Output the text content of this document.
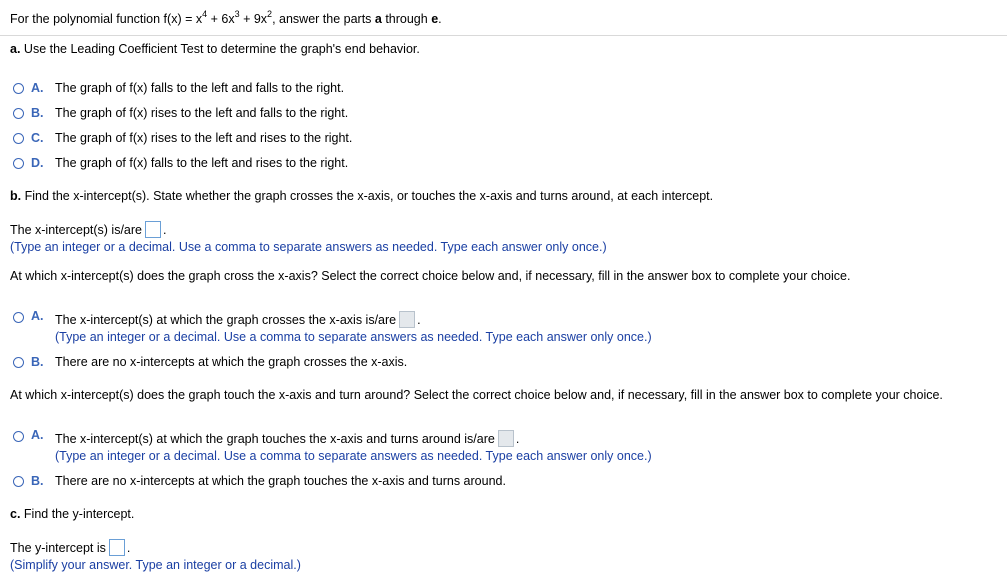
For the polynomial function $f(x) = x^4 + 6x^3 + 9x^2$, answer the parts a through e.
a. Use the Leading Coefficient Test to determine the graph's end behavior.
A. The graph of f(x) falls to the left and falls to the right.
B. The graph of f(x) rises to the left and falls to the right.
C. The graph of f(x) rises to the left and rises to the right.
D. The graph of f(x) falls to the left and rises to the right.
b. Find the x-intercept(s). State whether the graph crosses the x-axis, or touches the x-axis and turns around, at each intercept.
The x-intercept(s) is/are .
(Type an integer or a decimal. Use a comma to separate answers as needed. Type each answer only once.)
At which x-intercept(s) does the graph cross the x-axis? Select the correct choice below and, if necessary, fill in the answer box to complete your choice.
A. The x-intercept(s) at which the graph crosses the x-axis is/are .
(Type an integer or a decimal. Use a comma to separate answers as needed. Type each answer only once.)
B. There are no x-intercepts at which the graph crosses the x-axis.
At which x-intercept(s) does the graph touch the x-axis and turn around? Select the correct choice below and, if necessary, fill in the answer box to complete your choice.
A. The x-intercept(s) at which the graph touches the x-axis and turns around is/are .
(Type an integer or a decimal. Use a comma to separate answers as needed. Type each answer only once.)
B. There are no x-intercepts at which the graph touches the x-axis and turns around.
c. Find the y-intercept.
The y-intercept is .
(Simplify your answer. Type an integer or a decimal.)
